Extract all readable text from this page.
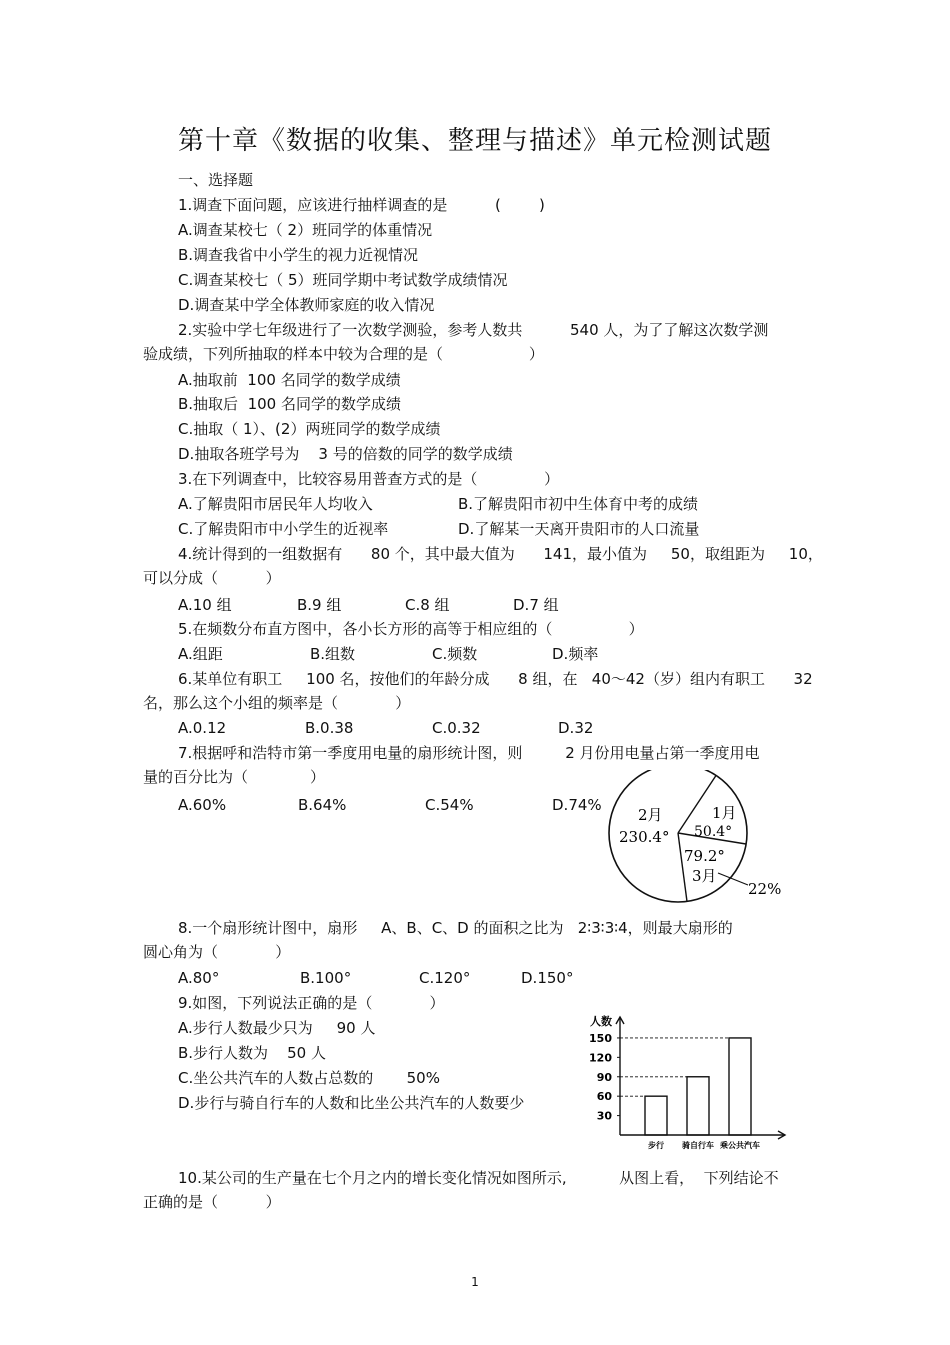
第十章《数据的收集、整理与描述》单元检测试题
一、选择题
1.调查下面问题，应该进行抽样调查的是          (        )
A.调查某校七（ 2）班同学的体重情况
B.调查我省中小学生的视力近视情况
C.调查某校七（ 5）班同学期中考试数学成绩情况
D.调查某中学全体教师家庭的收入情况
2.实验中学七年级进行了一次数学测验，参考人数共          540 人，为了了解这次数学测
验成绩，下列所抽取的样本中较为合理的是（                  ）
A.抽取前  100 名同学的数学成绩
B.抽取后  100 名同学的数学成绩
C.抽取（ 1）、(2）两班同学的数学成绩
D.抽取各班学号为    3 号的倍数的同学的数学成绩
3.在下列调查中，比较容易用普查方式的是（              ）
A.了解贵阳市居民年人均收入	B.了解贵阳市初中生体育中考的成绩
C.了解贵阳市中小学生的近视率	D.了解某一天离开贵阳市的人口流量
4.统计得到的一组数据有      80 个，其中最大值为      141，最小值为     50，取组距为     10，
可以分成（          ）
A.10 组	B.9 组	C.8 组	D.7 组
5.在频数分布直方图中，各小长方形的高等于相应组的（                ）
A.组距	B.组数	C.频数	D.频率
6.某单位有职工     100 名，按他们的年龄分成      8 组，在   40～42（岁）组内有职工      32
名，那么这个小组的频率是（            ）
A.0.12	B.0.38	C.0.32	D.32
7.根据呼和浩特市第一季度用电量的扇形统计图，则         2 月份用电量占第一季度用电
量的百分比为（             ）
A.60%	B.64%	C.54%	D.74%
2月
230.4°
1月
50.4°
79.2°
3月
22%
8.一个扇形统计图中，扇形     A、B、C、D 的面积之比为   2∶3∶3∶4，则最大扇形的
圆心角为（            ）
A.80°	B.100°	C.120°	D.150°
9.如图，下列说法正确的是（            ）
A.步行人数最少只为     90 人
B.步行人数为    50 人
C.坐公共汽车的人数占总数的       50%
D.步行与骑自行车的人数和比坐公共汽车的人数要少
30
60
90
120
150
步行 骑自行车 乘公共汽车
人数
10.某公司的生产量在七个月之内的增长变化情况如图所示,           从图上看，  下列结论不
正确的是（          ）
1
